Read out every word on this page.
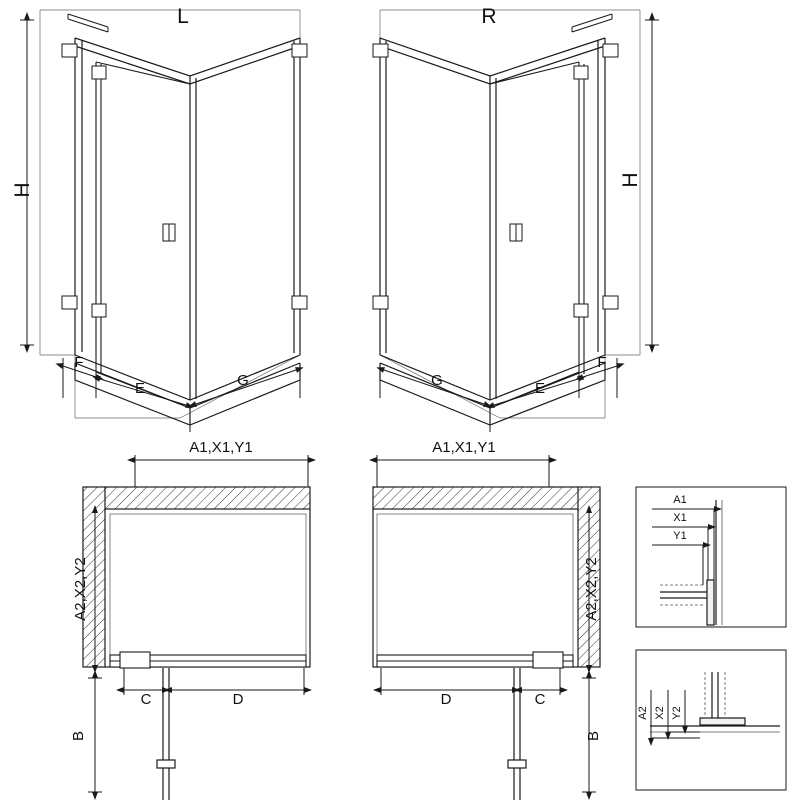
H
L
F
E	G
H
R
F
E
G
A1,X1,Y1
A2,X2,Y2
C	D
B
A1,X1,Y1
A2,X2,Y2
D	C
B
A1
X1
Y1
A2 X2 Y2
